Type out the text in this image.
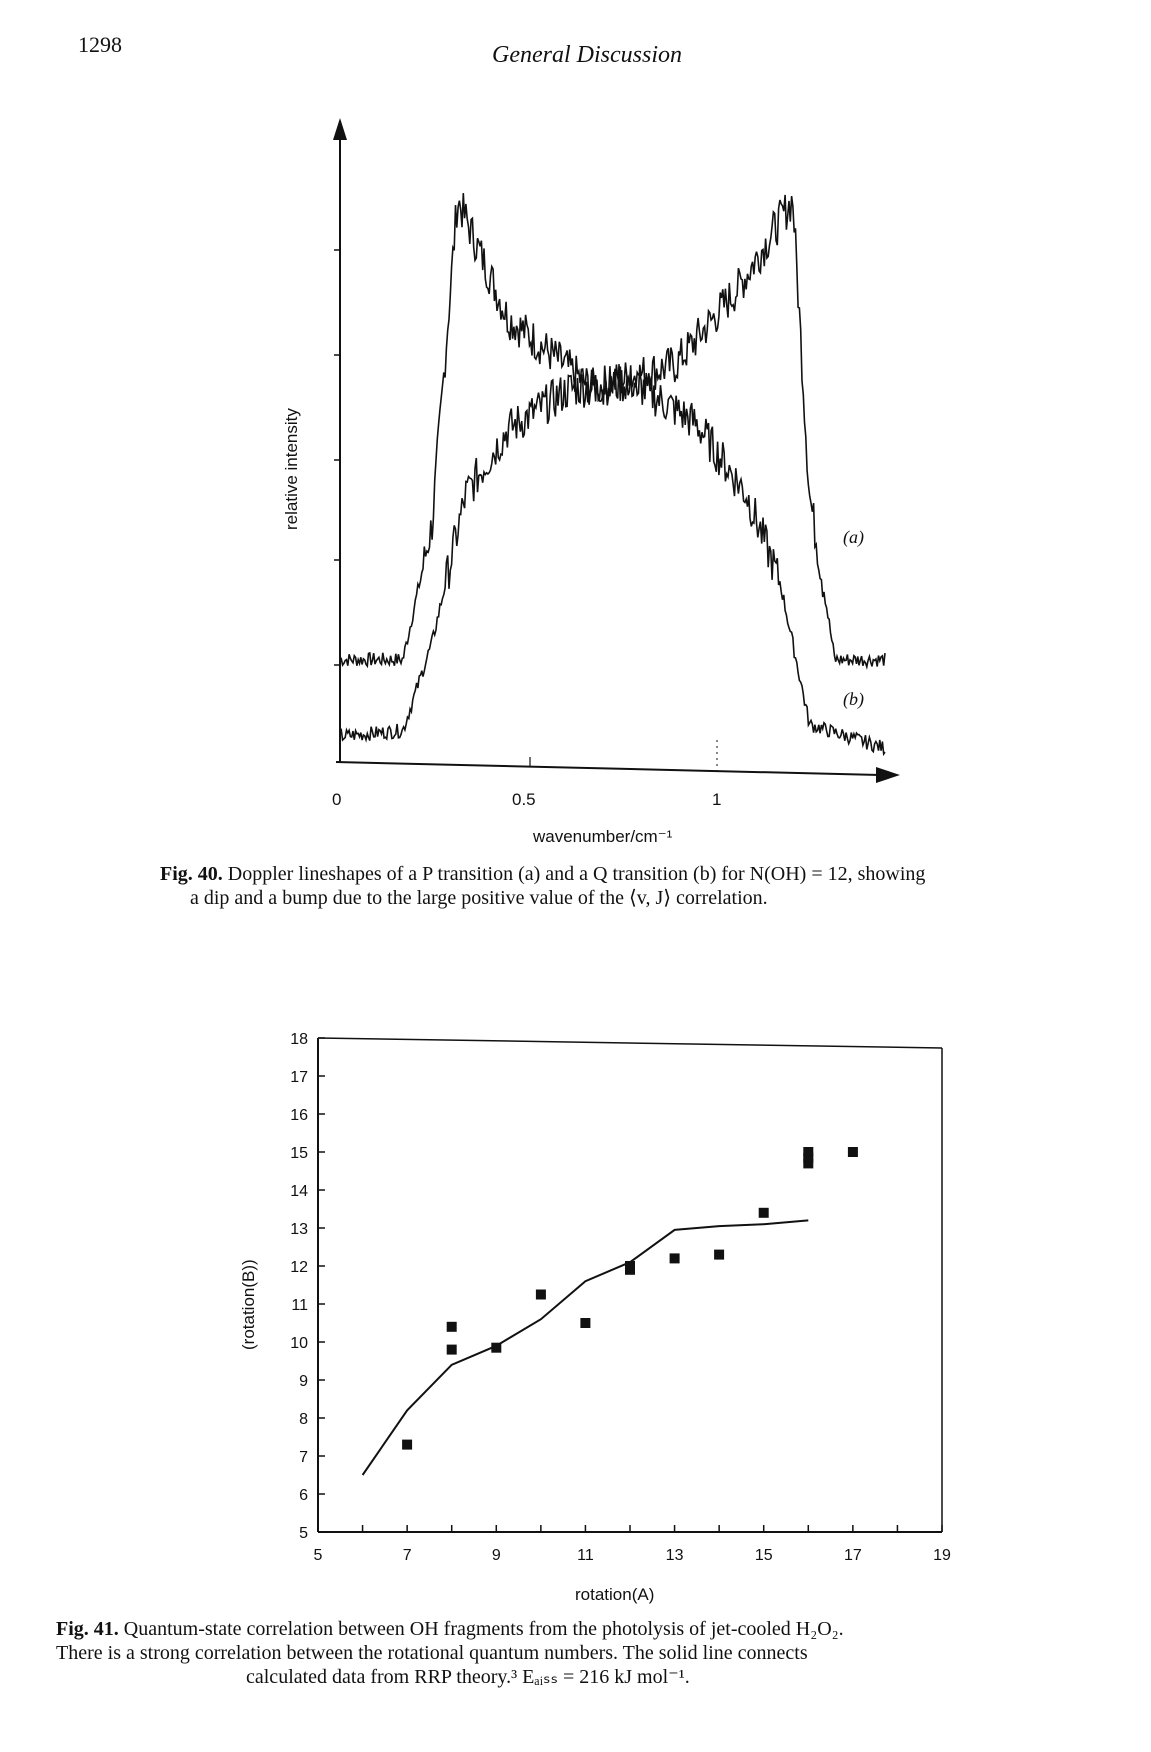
1298	General Discussion
0	0.5	1
wavenumber/cm⁻¹
relative intensity
(a)
(b)
Fig. 40. Doppler lineshapes of a P transition (a) and a Q transition (b) for N(OH) = 12, showing
a dip and a bump due to the large positive value of the ⟨v, J⟩ correlation.
5
6
7
8
9
10
11
12
13
14
15
16
17
18
5	7	9	11	13	15	17	19
rotation(A)
(rotation(B))
Fig. 41. Quantum-state correlation between OH fragments from the photolysis of jet-cooled H₂O₂.
There is a strong correlation between the rotational quantum numbers. The solid line connects
calculated data from RRP theory.³ Eₐᵢₛₛ = 216 kJ mol⁻¹.
